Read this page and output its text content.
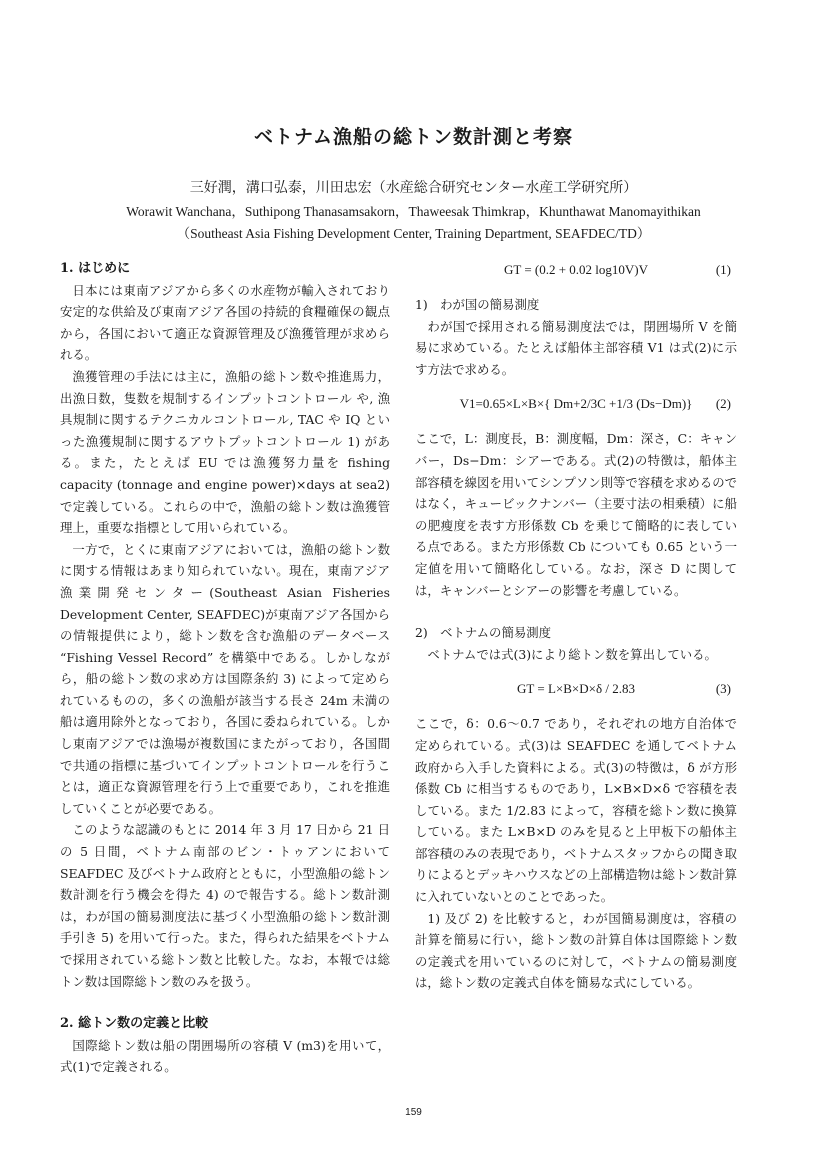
ベトナム漁船の総トン数計測と考察
三好潤，溝口弘泰，川田忠宏（水産総合研究センター水産工学研究所）
Worawit Wanchana，Suthipong Thanasamsakorn，Thaweesak Thimkrap，Khunthawat Manomayithikan
（Southeast Asia Fishing Development Center, Training Department, SEAFDEC/TD）

1. はじめに

日本には東南アジアから多くの水産物が輸入されており安定的な供給及び東南アジア各国の持続的食糧確保の観点から，各国において適正な資源管理及び漁獲管理が求められる。

漁獲管理の手法には主に，漁船の総トン数や推進馬力，出漁日数，隻数を規制するインプットコントロール や, 漁具規制に関するテクニカルコントロール, TAC や IQ といった漁獲規制に関するアウトプットコントロール 1) がある。また，たとえば EU では漁獲努力量を fishing capacity (tonnage and engine power)×days at sea2) で定義している。これらの中で，漁船の総トン数は漁獲管理上，重要な指標として用いられている。

一方で，とくに東南アジアにおいては，漁船の総トン数に関する情報はあまり知られていない。現在，東南アジア漁業開発センター(Southeast Asian Fisheries Development Center, SEAFDEC)が東南アジア各国からの情報提供により，総トン数を含む漁船のデータベース “Fishing Vessel Record” を構築中である。しかしながら，船の総トン数の求め方は国際条約 3) によって定められているものの，多くの漁船が該当する長さ 24m 未満の船は適用除外となっており，各国に委ねられている。しかし東南アジアでは漁場が複数国にまたがっており，各国間で共通の指標に基づいてインプットコントロールを行うことは，適正な資源管理を行う上で重要であり，これを推進していくことが必要である。

このような認識のもとに 2014 年 3 月 17 日から 21 日の 5 日間，ベトナム南部のビン・トゥアンにおいて SEAFDEC 及びベトナム政府とともに，小型漁船の総トン数計測を行う機会を得た 4) ので報告する。総トン数計測は，わが国の簡易測度法に基づく小型漁船の総トン数計測手引き 5) を用いて行った。また，得られた結果をベトナムで採用されている総トン数と比較した。なお，本報では総トン数は国際総トン数のみを扱う。

2. 総トン数の定義と比較

国際総トン数は船の閉囲場所の容積 V (m3)を用いて，式(1)で定義される。

GT = (0.2 + 0.02 log10V)V	(1)

1)　わが国の簡易測度

わが国で採用される簡易測度法では，閉囲場所 V を簡易に求めている。たとえば船体主部容積 V1 は式(2)に示す方法で求める。

V1=0.65×L×B×{ Dm+2/3C +1/3 (Ds−Dm)}	(2)

ここで，L：測度長，B：測度幅，Dm：深さ，C：キャンバー，Ds−Dm：シアーである。式(2)の特徴は，船体主部容積を線図を用いてシンプソン則等で容積を求めるのではなく，キュービックナンバー（主要寸法の相乗積）に船の肥瘦度を表す方形係数 Cb を乗じて簡略的に表している点である。また方形係数 Cb についても 0.65 という一定値を用いて簡略化している。なお，深さ D に関しては，キャンバーとシアーの影響を考慮している。

2)　ベトナムの簡易測度

ベトナムでは式(3)により総トン数を算出している。

GT = L×B×D×δ / 2.83	(3)

ここで，δ：0.6〜0.7 であり，それぞれの地方自治体で定められている。式(3)は SEAFDEC を通してベトナム政府から入手した資料による。式(3)の特徴は，δ が方形係数 Cb に相当するものであり，L×B×D×δ で容積を表している。また 1/2.83 によって，容積を総トン数に換算している。また L×B×D のみを見ると上甲板下の船体主部容積のみの表現であり，ベトナムスタッフからの聞き取りによるとデッキハウスなどの上部構造物は総トン数計算に入れていないとのことであった。

1) 及び 2) を比較すると，わが国簡易測度は，容積の計算を簡易に行い，総トン数の計算自体は国際総トン数の定義式を用いているのに対して，ベトナムの簡易測度は，総トン数の定義式自体を簡易な式にしている。

159
